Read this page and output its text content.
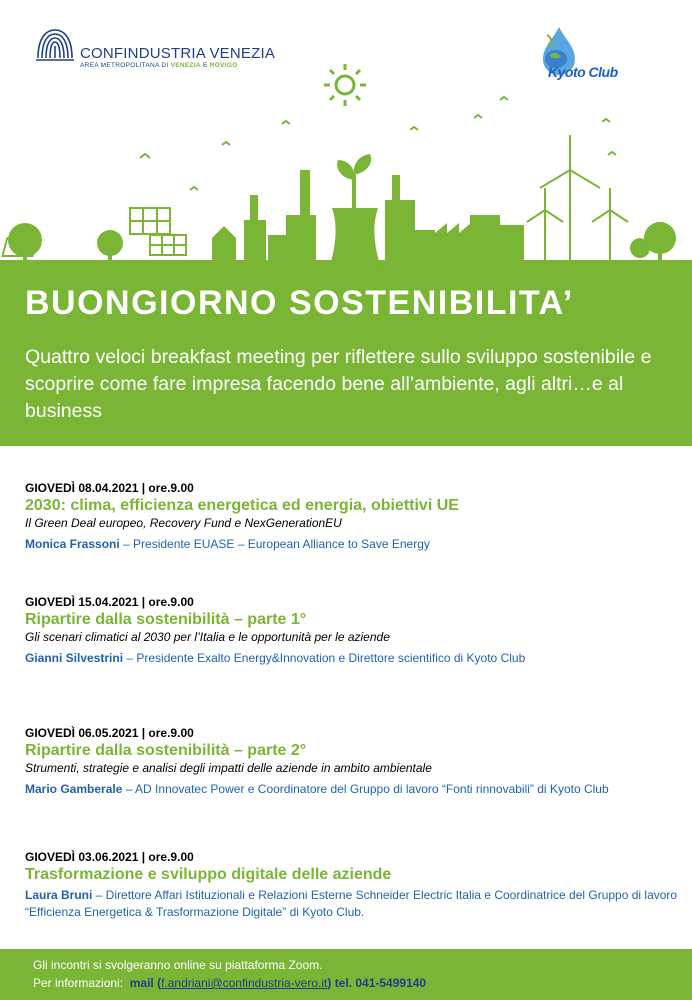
CONFINDUSTRIA VENEZIA
AREA METROPOLITANA DI VENEZIA E ROVIGO	Kyoto Club
BUONGIORNO SOSTENIBILITA’
Quattro veloci breakfast meeting per riflettere sullo sviluppo sostenibile e scoprire come fare impresa facendo bene all’ambiente, agli altri…e al business
GIOVEDÌ 08.04.2021 | ore.9.00
2030: clima, efficienza energetica ed energia, obiettivi UE
Il Green Deal europeo, Recovery Fund e NexGenerationEU
Monica Frassoni – Presidente EUASE – European Alliance to Save Energy
GIOVEDÌ 15.04.2021 | ore.9.00
Ripartire dalla sostenibilità – parte 1°
Gli scenari climatici al 2030 per l’Italia e le opportunità per le aziende
Gianni Silvestrini – Presidente Exalto Energy&Innovation e Direttore scientifico di Kyoto Club
GIOVEDÌ 06.05.2021 | ore.9.00
Ripartire dalla sostenibilità – parte 2°
Strumenti, strategie e analisi degli impatti delle aziende in ambito ambientale
Mario Gamberale – AD Innovatec Power e Coordinatore del Gruppo di lavoro “Fonti rinnovabili” di Kyoto Club
GIOVEDÌ 03.06.2021 | ore.9.00
Trasformazione e sviluppo digitale delle aziende
Laura Bruni – Direttore Affari Istituzionali e Relazioni Esterne Schneider Electric Italia e Coordinatrice del Gruppo di lavoro “Efficienza Energetica & Trasformazione Digitale” di Kyoto Club.
Gli incontri si svolgeranno online su piattaforma Zoom.
Per informazioni: mail (f.andriani@confindustria-vero.it) tel. 041-5499140
